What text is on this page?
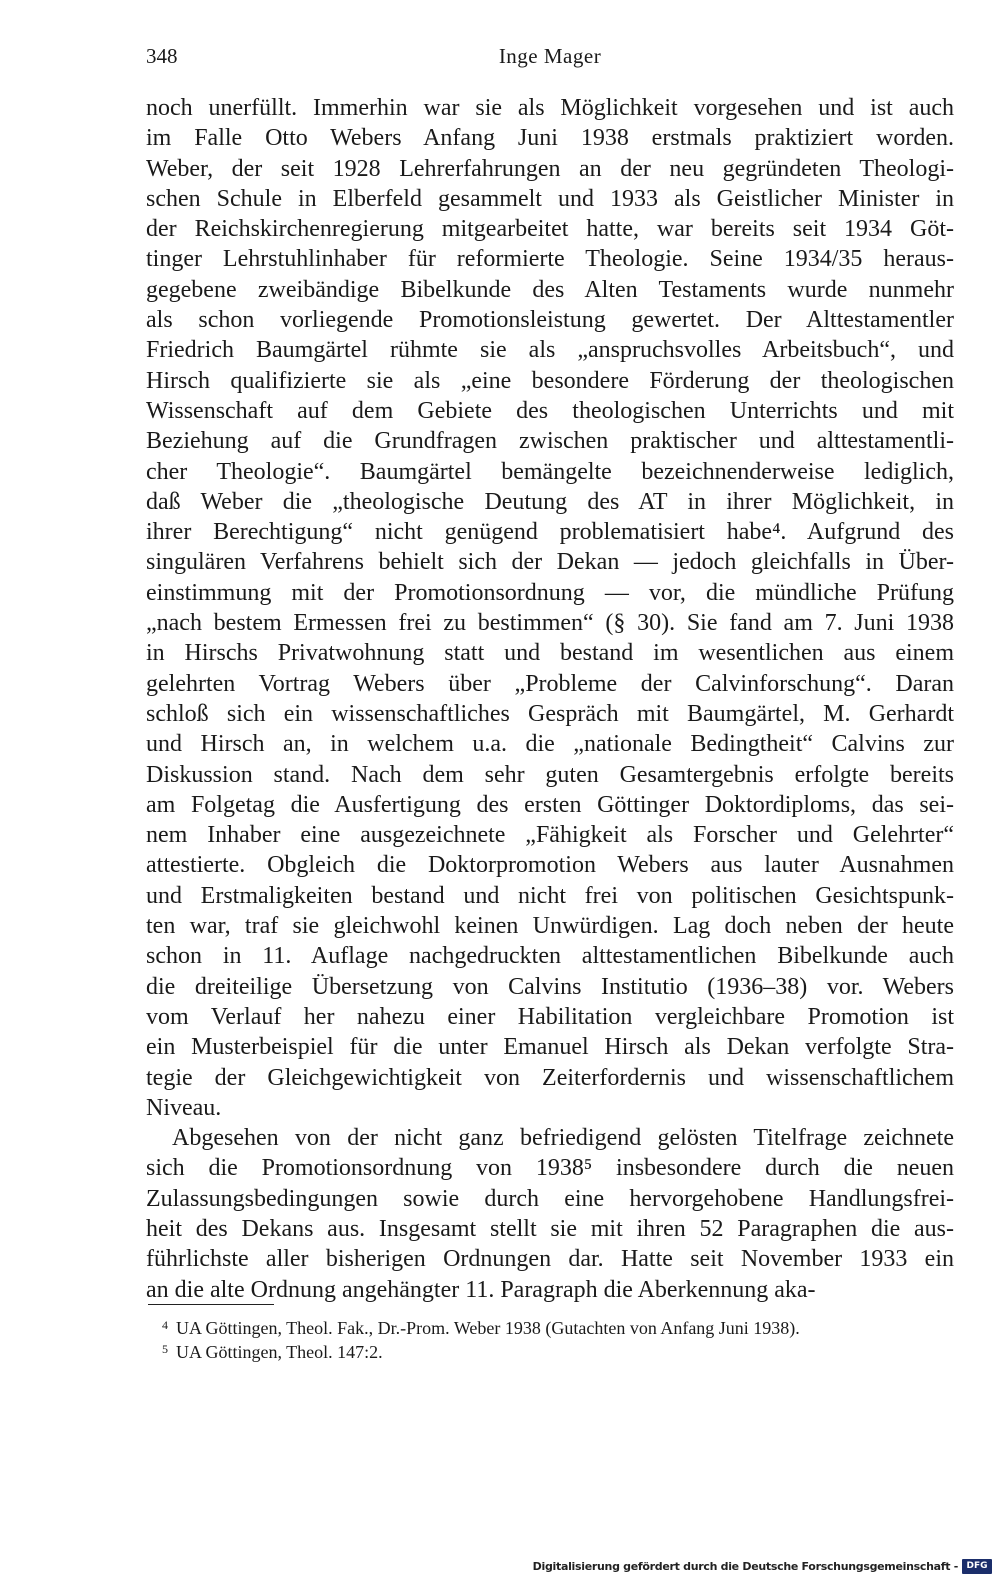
348	Inge Mager
noch unerfüllt. Immerhin war sie als Möglichkeit vorgesehen und ist auch
im Falle Otto Webers Anfang Juni 1938 erstmals praktiziert worden.
Weber, der seit 1928 Lehrerfahrungen an der neu gegründeten Theologi-
schen Schule in Elberfeld gesammelt und 1933 als Geistlicher Minister in
der Reichskirchenregierung mitgearbeitet hatte, war bereits seit 1934 Göt-
tinger Lehrstuhlinhaber für reformierte Theologie. Seine 1934/35 heraus-
gegebene zweibändige Bibelkunde des Alten Testaments wurde nunmehr
als schon vorliegende Promotionsleistung gewertet. Der Alttestamentler
Friedrich Baumgärtel rühmte sie als „anspruchsvolles Arbeitsbuch“, und
Hirsch qualifizierte sie als „eine besondere Förderung der theologischen
Wissenschaft auf dem Gebiete des theologischen Unterrichts und mit
Beziehung auf die Grundfragen zwischen praktischer und alttestamentli-
cher Theologie“. Baumgärtel bemängelte bezeichnenderweise lediglich,
daß Weber die „theologische Deutung des AT in ihrer Möglichkeit, in
ihrer Berechtigung“ nicht genügend problematisiert habe⁴. Aufgrund des
singulären Verfahrens behielt sich der Dekan — jedoch gleichfalls in Über-
einstimmung mit der Promotionsordnung — vor, die mündliche Prüfung
„nach bestem Ermessen frei zu bestimmen“ (§ 30). Sie fand am 7. Juni 1938
in Hirschs Privatwohnung statt und bestand im wesentlichen aus einem
gelehrten Vortrag Webers über „Probleme der Calvinforschung“. Daran
schloß sich ein wissenschaftliches Gespräch mit Baumgärtel, M. Gerhardt
und Hirsch an, in welchem u.a. die „nationale Bedingtheit“ Calvins zur
Diskussion stand. Nach dem sehr guten Gesamtergebnis erfolgte bereits
am Folgetag die Ausfertigung des ersten Göttinger Doktordiploms, das sei-
nem Inhaber eine ausgezeichnete „Fähigkeit als Forscher und Gelehrter“
attestierte. Obgleich die Doktorpromotion Webers aus lauter Ausnahmen
und Erstmaligkeiten bestand und nicht frei von politischen Gesichtspunk-
ten war, traf sie gleichwohl keinen Unwürdigen. Lag doch neben der heute
schon in 11. Auflage nachgedruckten alttestamentlichen Bibelkunde auch
die dreiteilige Übersetzung von Calvins Institutio (1936–38) vor. Webers
vom Verlauf her nahezu einer Habilitation vergleichbare Promotion ist
ein Musterbeispiel für die unter Emanuel Hirsch als Dekan verfolgte Stra-
tegie der Gleichgewichtigkeit von Zeiterfordernis und wissenschaftlichem
Niveau.
Abgesehen von der nicht ganz befriedigend gelösten Titelfrage zeichnete
sich die Promotionsordnung von 1938⁵ insbesondere durch die neuen
Zulassungsbedingungen sowie durch eine hervorgehobene Handlungsfrei-
heit des Dekans aus. Insgesamt stellt sie mit ihren 52 Paragraphen die aus-
führlichste aller bisherigen Ordnungen dar. Hatte seit November 1933 ein
an die alte Ordnung angehängter 11. Paragraph die Aberkennung aka-
$^4$ UA Göttingen, Theol. Fak., Dr.-Prom. Weber 1938 (Gutachten von Anfang Juni 1938).
$^5$ UA Göttingen, Theol. 147:2.
Digitalisierung gefördert durch die Deutsche Forschungsgemeinschaft - DFG
